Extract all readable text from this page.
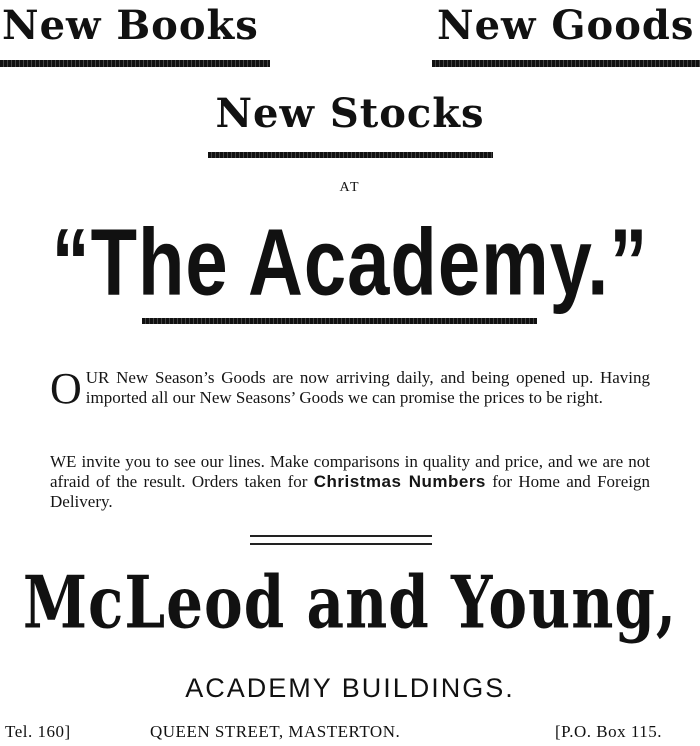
New Books	New Goods
New Stocks
AT
“The Academy.”
O UR New Season’s Goods are now arriving daily, and being opened up. Having imported all our New Seasons’ Goods we can promise the prices to be right.
WE invite you to see our lines. Make comparisons in quality and price, and we are not afraid of the result. Orders taken for Christmas Numbers for Home and Foreign Delivery.
McLeod and Young,
ACADEMY BUILDINGS.
Tel. 160]	QUEEN STREET, MASTERTON.	[P.O. Box 115.
